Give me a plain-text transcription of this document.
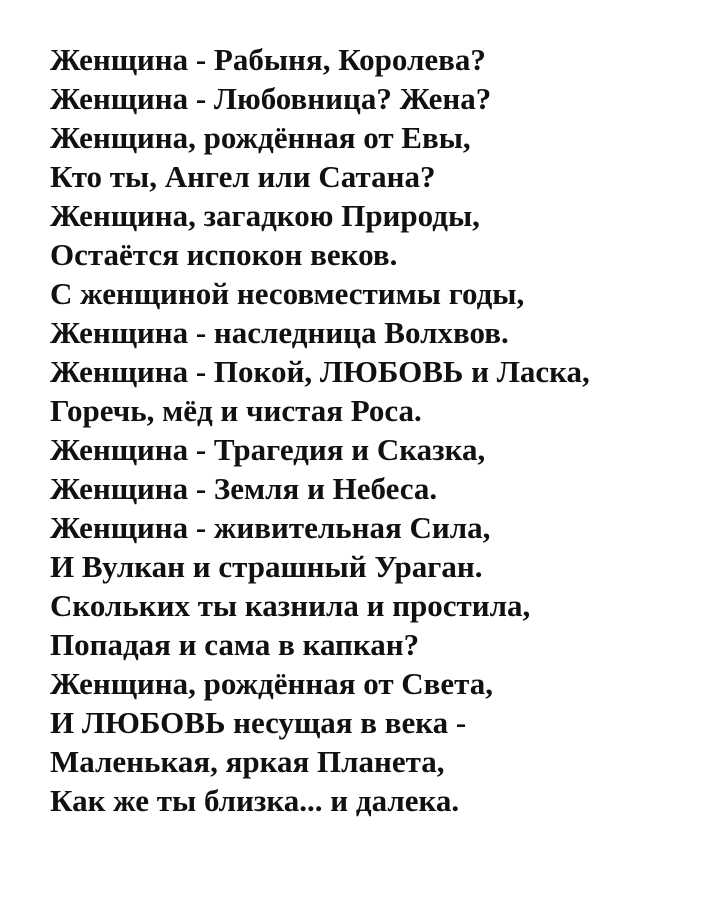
Женщина - Рабыня, Королева?
Женщина - Любовница? Жена?
Женщина, рождённая от Евы,
Кто ты, Ангел или Сатана?
Женщина, загадкою Природы,
Остаётся испокон веков.
С женщиной несовместимы годы,
Женщина - наследница Волхвов.
Женщина - Покой, ЛЮБОВЬ и Ласка,
Горечь, мёд и чистая Роса.
Женщина - Трагедия и Сказка,
Женщина - Земля и Небеса.
Женщина - живительная Сила,
И Вулкан и страшный Ураган.
Скольких ты казнила и простила,
Попадая и сама в капкан?
Женщина, рождённая от Света,
И ЛЮБОВЬ несущая в века -
Маленькая, яркая Планета,
Как же ты близка... и далека.
